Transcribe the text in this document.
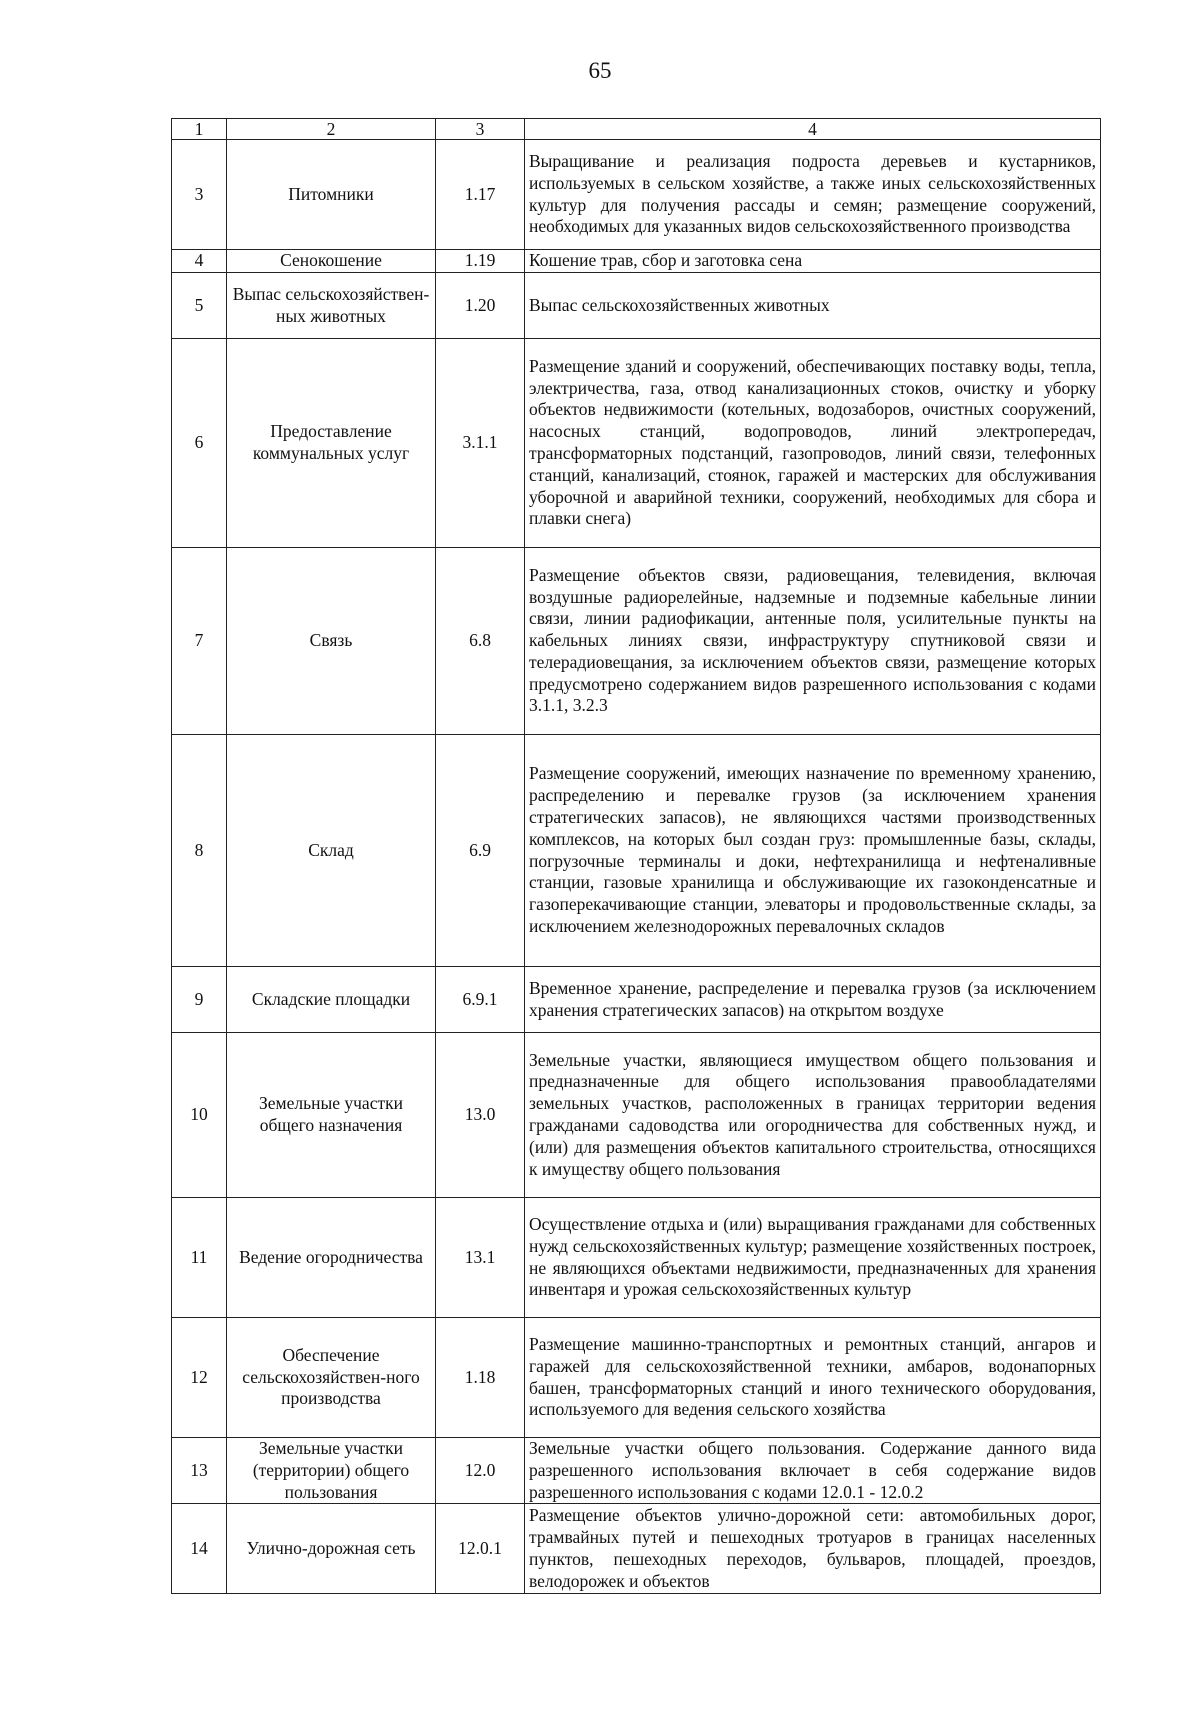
65
1	2	3	4
3	Питомники	1.17	Выращивание и реализация подроста деревьев и кустарников, используемых в сельском хозяйстве, а также иных сельскохозяйственных культур для получения рассады и семян; размещение сооружений, необходимых для указанных видов сельскохозяйственного производства
4	Сенокошение	1.19	Кошение трав, сбор и заготовка сена
5	Выпас сельскохозяйствен-ных животных	1.20	Выпас сельскохозяйственных животных
6	Предоставление коммунальных услуг	3.1.1	Размещение зданий и сооружений, обеспечивающих поставку воды, тепла, электричества, газа, отвод канализационных стоков, очистку и уборку объектов недвижимости (котельных, водозаборов, очистных сооружений, насосных станций, водопроводов, линий электропередач, трансформаторных подстанций, газопроводов, линий связи, телефонных станций, канализаций, стоянок, гаражей и мастерских для обслуживания уборочной и аварийной техники, сооружений, необходимых для сбора и плавки снега)
7	Связь	6.8	Размещение объектов связи, радиовещания, телевидения, включая воздушные радиорелейные, надземные и подземные кабельные линии связи, линии радиофикации, антенные поля, усилительные пункты на кабельных линиях связи, инфраструктуру спутниковой связи и телерадиовещания, за исключением объектов связи, размещение которых предусмотрено содержанием видов разрешенного использования с кодами 3.1.1, 3.2.3
8	Склад	6.9	Размещение сооружений, имеющих назначение по временному хранению, распределению и перевалке грузов (за исключением хранения стратегических запасов), не являющихся частями производственных комплексов, на которых был создан груз: промышленные базы, склады, погрузочные терминалы и доки, нефтехранилища и нефтеналивные станции, газовые хранилища и обслуживающие их газоконденсатные и газоперекачивающие станции, элеваторы и продовольственные склады, за исключением железнодорожных перевалочных складов
9	Складские площадки	6.9.1	Временное хранение, распределение и перевалка грузов (за исключением хранения стратегических запасов) на открытом воздухе
10	Земельные участки общего назначения	13.0	Земельные участки, являющиеся имуществом общего пользования и предназначенные для общего использования правообладателями земельных участков, расположенных в границах территории ведения гражданами садоводства или огородничества для собственных нужд, и (или) для размещения объектов капитального строительства, относящихся к имуществу общего пользования
11	Ведение огородничества	13.1	Осуществление отдыха и (или) выращивания гражданами для собственных нужд сельскохозяйственных культур; размещение хозяйственных построек, не являющихся объектами недвижимости, предназначенных для хранения инвентаря и урожая сельскохозяйственных культур
12	Обеспечение сельскохозяйствен-ного производства	1.18	Размещение машинно-транспортных и ремонтных станций, ангаров и гаражей для сельскохозяйственной техники, амбаров, водонапорных башен, трансформаторных станций и иного технического оборудования, используемого для ведения сельского хозяйства
13	Земельные участки (территории) общего пользования	12.0	Земельные участки общего пользования. Содержание данного вида разрешенного использования включает в себя содержание видов разрешенного использования с кодами 12.0.1 - 12.0.2
14	Улично-дорожная сеть	12.0.1	Размещение объектов улично-дорожной сети: автомобильных дорог, трамвайных путей и пешеходных тротуаров в границах населенных пунктов, пешеходных переходов, бульваров, площадей, проездов, велодорожек и объектов
